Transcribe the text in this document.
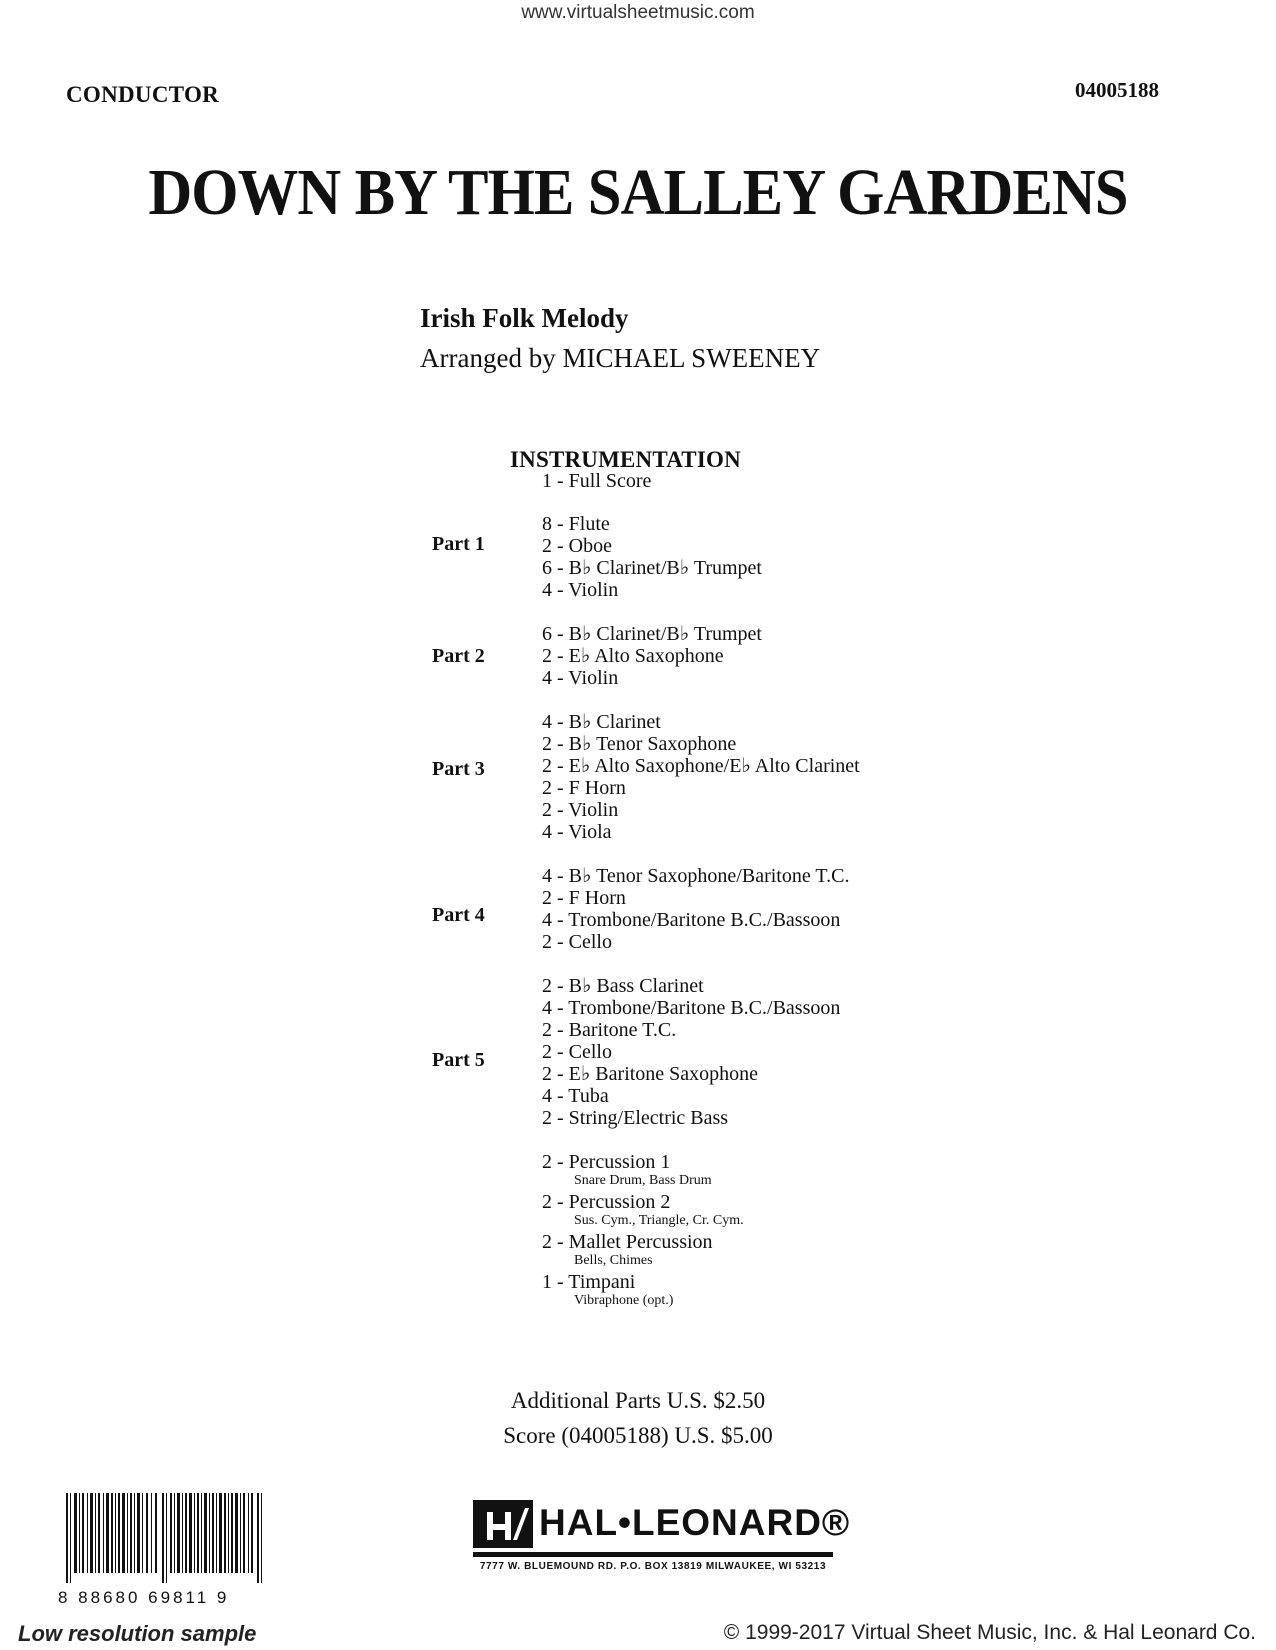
www.virtualsheetmusic.com
CONDUCTOR	04005188
DOWN BY THE SALLEY GARDENS
Irish Folk Melody
Arranged by MICHAEL SWEENEY
INSTRUMENTATION
1 - Full Score
Part 1
8 - Flute
2 - Oboe
6 - B♭ Clarinet/B♭ Trumpet
4 - Violin
Part 2
6 - B♭ Clarinet/B♭ Trumpet
2 - E♭ Alto Saxophone
4 - Violin
Part 3
4 - B♭ Clarinet
2 - B♭ Tenor Saxophone
2 - E♭ Alto Saxophone/E♭ Alto Clarinet
2 - F Horn
2 - Violin
4 - Viola
Part 4
4 - B♭ Tenor Saxophone/Baritone T.C.
2 - F Horn
4 - Trombone/Baritone B.C./Bassoon
2 - Cello
Part 5
2 - B♭ Bass Clarinet
4 - Trombone/Baritone B.C./Bassoon
2 - Baritone T.C.
2 - Cello
2 - E♭ Baritone Saxophone
4 - Tuba
2 - String/Electric Bass
2 - Percussion 1
Snare Drum, Bass Drum
2 - Percussion 2
Sus. Cym., Triangle, Cr. Cym.
2 - Mallet Percussion
Bells, Chimes
1 - Timpani
Vibraphone (opt.)
Additional Parts U.S. $2.50
Score (04005188) U.S. $5.00
8 88680 69811 9
HAL•LEONARD®
7777 W. BLUEMOUND RD. P.O. BOX 13819 MILWAUKEE, WI 53213
Low resolution sample	© 1999-2017 Virtual Sheet Music, Inc. & Hal Leonard Co.
